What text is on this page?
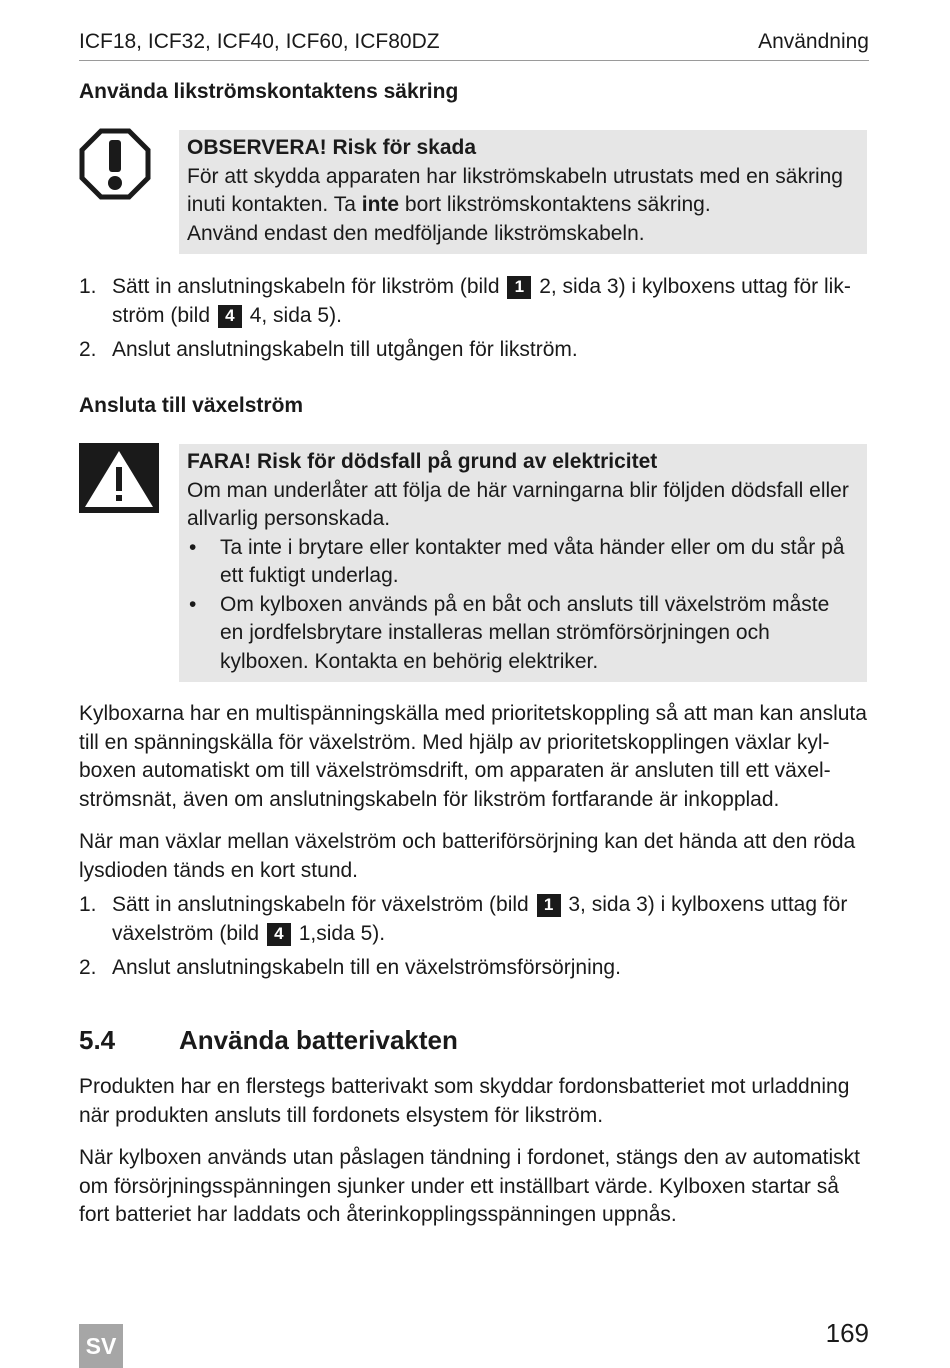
ICF18, ICF32, ICF40, ICF60, ICF80DZ	Användning
Använda likströmskontaktens säkring
OBSERVERA! Risk för skada
För att skydda apparaten har likströmskabeln utrustats med en säkring
inuti kontakten. Ta inte bort likströmskontaktens säkring.
Använd endast den medföljande likströmskabeln.
1. Sätt in anslutningskabeln för likström (bild 1 2, sida 3) i kylboxens uttag för lik-
ström (bild 4 4, sida 5).
2. Anslut anslutningskabeln till utgången för likström.
Ansluta till växelström
FARA! Risk för dödsfall på grund av elektricitet
Om man underlåter att följa de här varningarna blir följden dödsfall eller allvarlig personskada.
• Ta inte i brytare eller kontakter med våta händer eller om du står på ett fuktigt underlag.
• Om kylboxen används på en båt och ansluts till växelström måste en jordfelsbrytare installeras mellan strömförsörjningen och kylboxen. Kontakta en behörig elektriker.
Kylboxarna har en multispänningskälla med prioritetskoppling så att man kan ansluta till en spänningskälla för växelström. Med hjälp av prioritetskopplingen växlar kylboxen automatiskt om till växelströmsdrift, om apparaten är ansluten till ett växelströmsnät, även om anslutningskabeln för likström fortfarande är inkopplad.
När man växlar mellan växelström och batteriförsörjning kan det hända att den röda lysdioden tänds en kort stund.
1. Sätt in anslutningskabeln för växelström (bild 1 3, sida 3) i kylboxens uttag för
växelström (bild 4 1,sida 5).
2. Anslut anslutningskabeln till en växelströmsförsörjning.
5.4 Använda batterivakten
Produkten har en flerstegs batterivakt som skyddar fordonsbatteriet mot urladdning när produkten ansluts till fordonets elsystem för likström.
När kylboxen används utan påslagen tändning i fordonet, stängs den av automatiskt om försörjningsspänningen sjunker under ett inställbart värde. Kylboxen startar så fort batteriet har laddats och återinkopplingsspänningen uppnås.
SV	169
